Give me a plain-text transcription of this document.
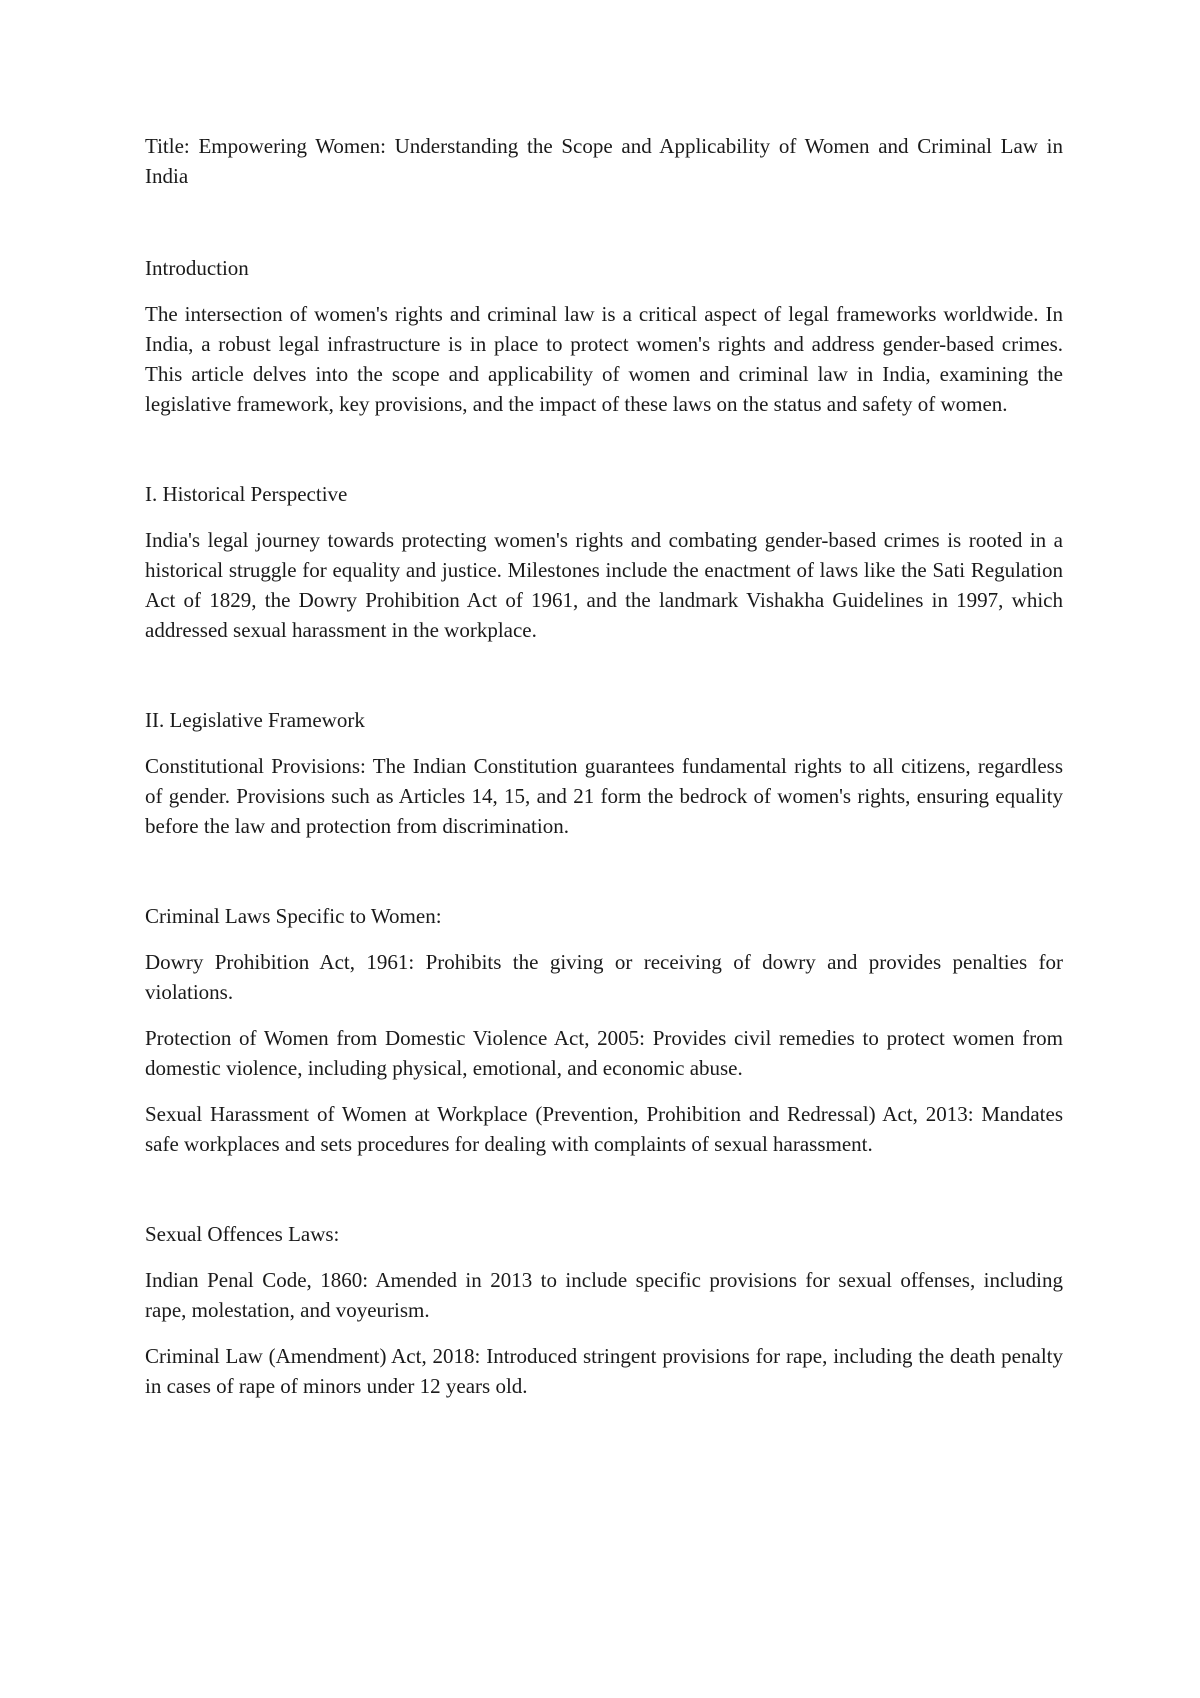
Title: Empowering Women: Understanding the Scope and Applicability of Women and Criminal Law in India

Introduction

The intersection of women's rights and criminal law is a critical aspect of legal frameworks worldwide. In India, a robust legal infrastructure is in place to protect women's rights and address gender-based crimes. This article delves into the scope and applicability of women and criminal law in India, examining the legislative framework, key provisions, and the impact of these laws on the status and safety of women.

I. Historical Perspective

India's legal journey towards protecting women's rights and combating gender-based crimes is rooted in a historical struggle for equality and justice. Milestones include the enactment of laws like the Sati Regulation Act of 1829, the Dowry Prohibition Act of 1961, and the landmark Vishakha Guidelines in 1997, which addressed sexual harassment in the workplace.

II. Legislative Framework

Constitutional Provisions: The Indian Constitution guarantees fundamental rights to all citizens, regardless of gender. Provisions such as Articles 14, 15, and 21 form the bedrock of women's rights, ensuring equality before the law and protection from discrimination.

Criminal Laws Specific to Women:

Dowry Prohibition Act, 1961: Prohibits the giving or receiving of dowry and provides penalties for violations.

Protection of Women from Domestic Violence Act, 2005: Provides civil remedies to protect women from domestic violence, including physical, emotional, and economic abuse.

Sexual Harassment of Women at Workplace (Prevention, Prohibition and Redressal) Act, 2013: Mandates safe workplaces and sets procedures for dealing with complaints of sexual harassment.

Sexual Offences Laws:

Indian Penal Code, 1860: Amended in 2013 to include specific provisions for sexual offenses, including rape, molestation, and voyeurism.

Criminal Law (Amendment) Act, 2018: Introduced stringent provisions for rape, including the death penalty in cases of rape of minors under 12 years old.
